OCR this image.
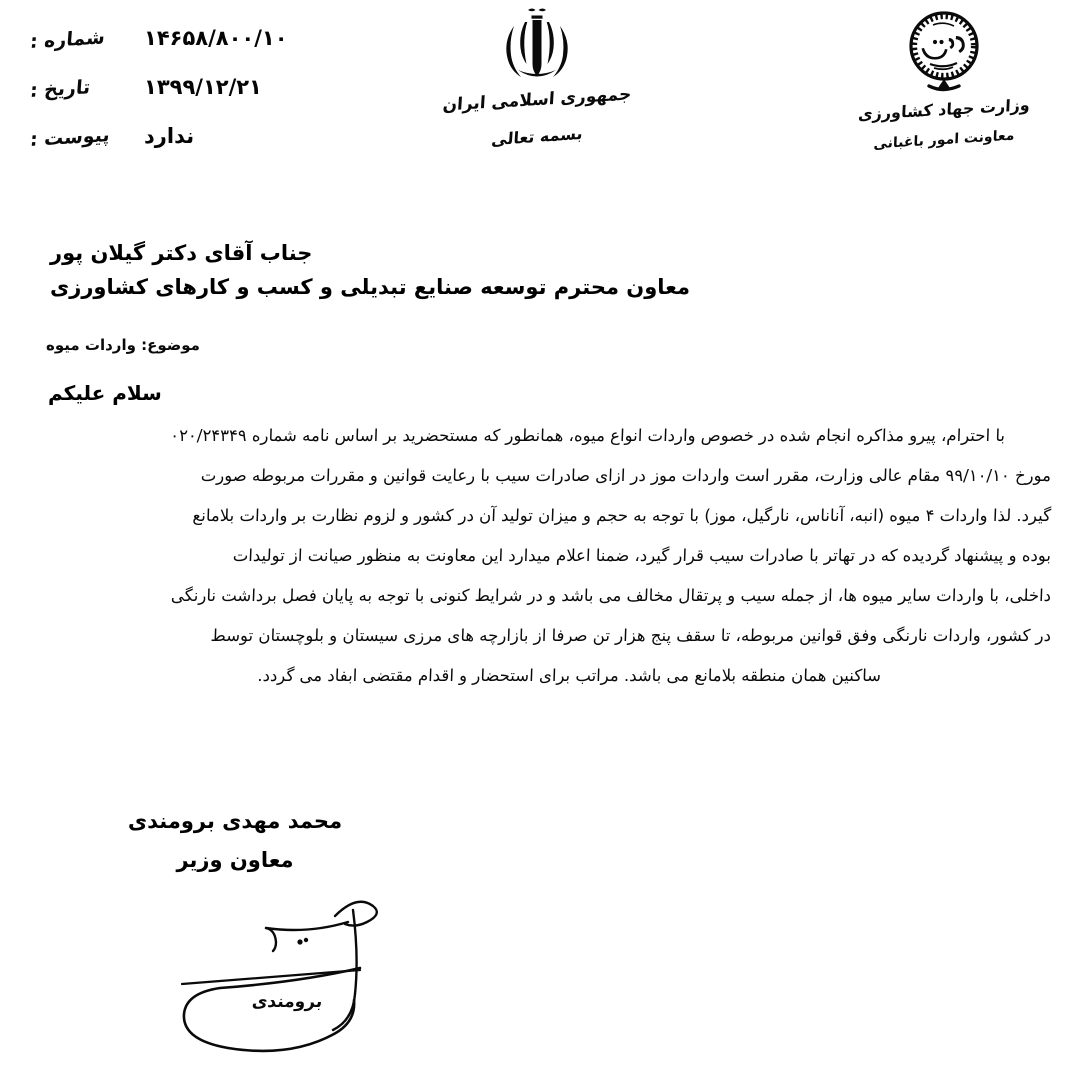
وزارت جهاد کشاورزی
معاونت امور باغبانی
جمهوری اسلامی ایران
بسمه تعالی
۱۴۶۵۸/۸۰۰/۱۰
شماره :
۱۳۹۹/۱۲/۲۱
تاریخ :
ندارد
پیوست :
جناب آقای دکتر گیلان پور
معاون محترم توسعه صنایع تبدیلی و کسب و کارهای کشاورزی
موضوع: واردات میوه
سلام علیکم
با احترام، پیرو مذاکره انجام شده در خصوص واردات انواع میوه، همانطور که مستحضرید بر اساس نامه شماره ۰۲۰/۲۴۳۴۹
مورخ ۹۹/۱۰/۱۰ مقام عالی وزارت، مقرر است واردات موز در ازای صادرات سیب با رعایت قوانین و مقررات مربوطه صورت
گیرد. لذا واردات ۴ میوه (انبه، آناناس، نارگیل، موز) با توجه به حجم و میزان تولید آن در کشور و لزوم نظارت بر واردات بلامانع
بوده و پیشنهاد گردیده که در تهاتر با صادرات سیب قرار گیرد، ضمنا اعلام میدارد این معاونت به منظور صیانت از تولیدات
داخلی، با واردات سایر میوه ها، از جمله سیب و پرتقال مخالف می باشد و در شرایط کنونی با توجه به پایان فصل برداشت نارنگی
در کشور، واردات نارنگی وفق قوانین مربوطه، تا سقف پنج هزار تن صرفا از بازارچه های مرزی سیستان و بلوچستان توسط
ساکنین همان منطقه بلامانع می باشد. مراتب برای استحضار و اقدام مقتضی ابفاد می گردد.
محمد مهدی برومندی
معاون وزیر
برومندی
